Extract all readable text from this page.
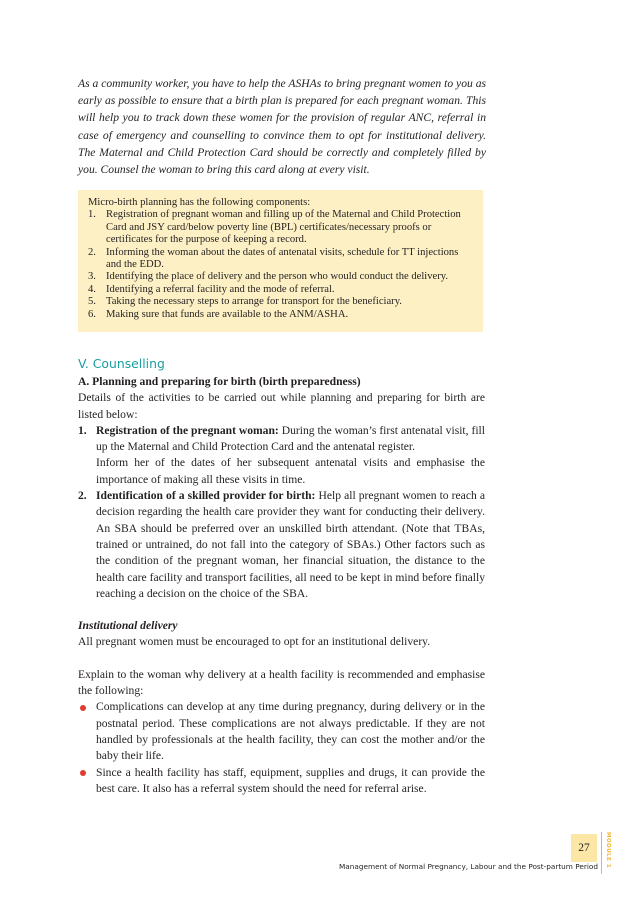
As a community worker, you have to help the ASHAs to bring pregnant women to you as early as possible to ensure that a birth plan is prepared for each pregnant woman. This will help you to track down these women for the provision of regular ANC, referral in case of emergency and counselling to convince them to opt for institutional delivery. The Maternal and Child Protection Card should be correctly and completely filled by you. Counsel the woman to bring this card along at every visit.
Micro-birth planning has the following components:
1. Registration of pregnant woman and filling up of the Maternal and Child Protection Card and JSY card/below poverty line (BPL) certificates/necessary proofs or certificates for the purpose of keeping a record.
2. Informing the woman about the dates of antenatal visits, schedule for TT injections and the EDD.
3. Identifying the place of delivery and the person who would conduct the delivery.
4. Identifying a referral facility and the mode of referral.
5. Taking the necessary steps to arrange for transport for the beneficiary.
6. Making sure that funds are available to the ANM/ASHA.
V. Counselling

A. Planning and preparing for birth (birth preparedness)

Details of the activities to be carried out while planning and preparing for birth are listed below:

1. Registration of the pregnant woman: During the woman’s first antenatal visit, fill up the Maternal and Child Protection Card and the antenatal register.

Inform her of the dates of her subsequent antenatal visits and emphasise the importance of making all these visits in time.

2. Identification of a skilled provider for birth: Help all pregnant women to reach a decision regarding the health care provider they want for conducting their delivery. An SBA should be preferred over an unskilled birth attendant. (Note that TBAs, trained or untrained, do not fall into the category of SBAs.) Other factors such as the condition of the pregnant woman, her financial situation, the distance to the health care facility and transport facilities, all need to be kept in mind before finally reaching a decision on the choice of the SBA.

Institutional delivery

All pregnant women must be encouraged to opt for an institutional delivery.

Explain to the woman why delivery at a health facility is recommended and emphasise the following:

Complications can develop at any time during pregnancy, during delivery or in the postnatal period. These complications are not always predictable. If they are not handled by professionals at the health facility, they can cost the mother and/or the baby their life.

Since a health facility has staff, equipment, supplies and drugs, it can provide the best care. It also has a referral system should the need for referral arise.

27
Management of Normal Pregnancy, Labour and the Post-partum Period MODULE 1
